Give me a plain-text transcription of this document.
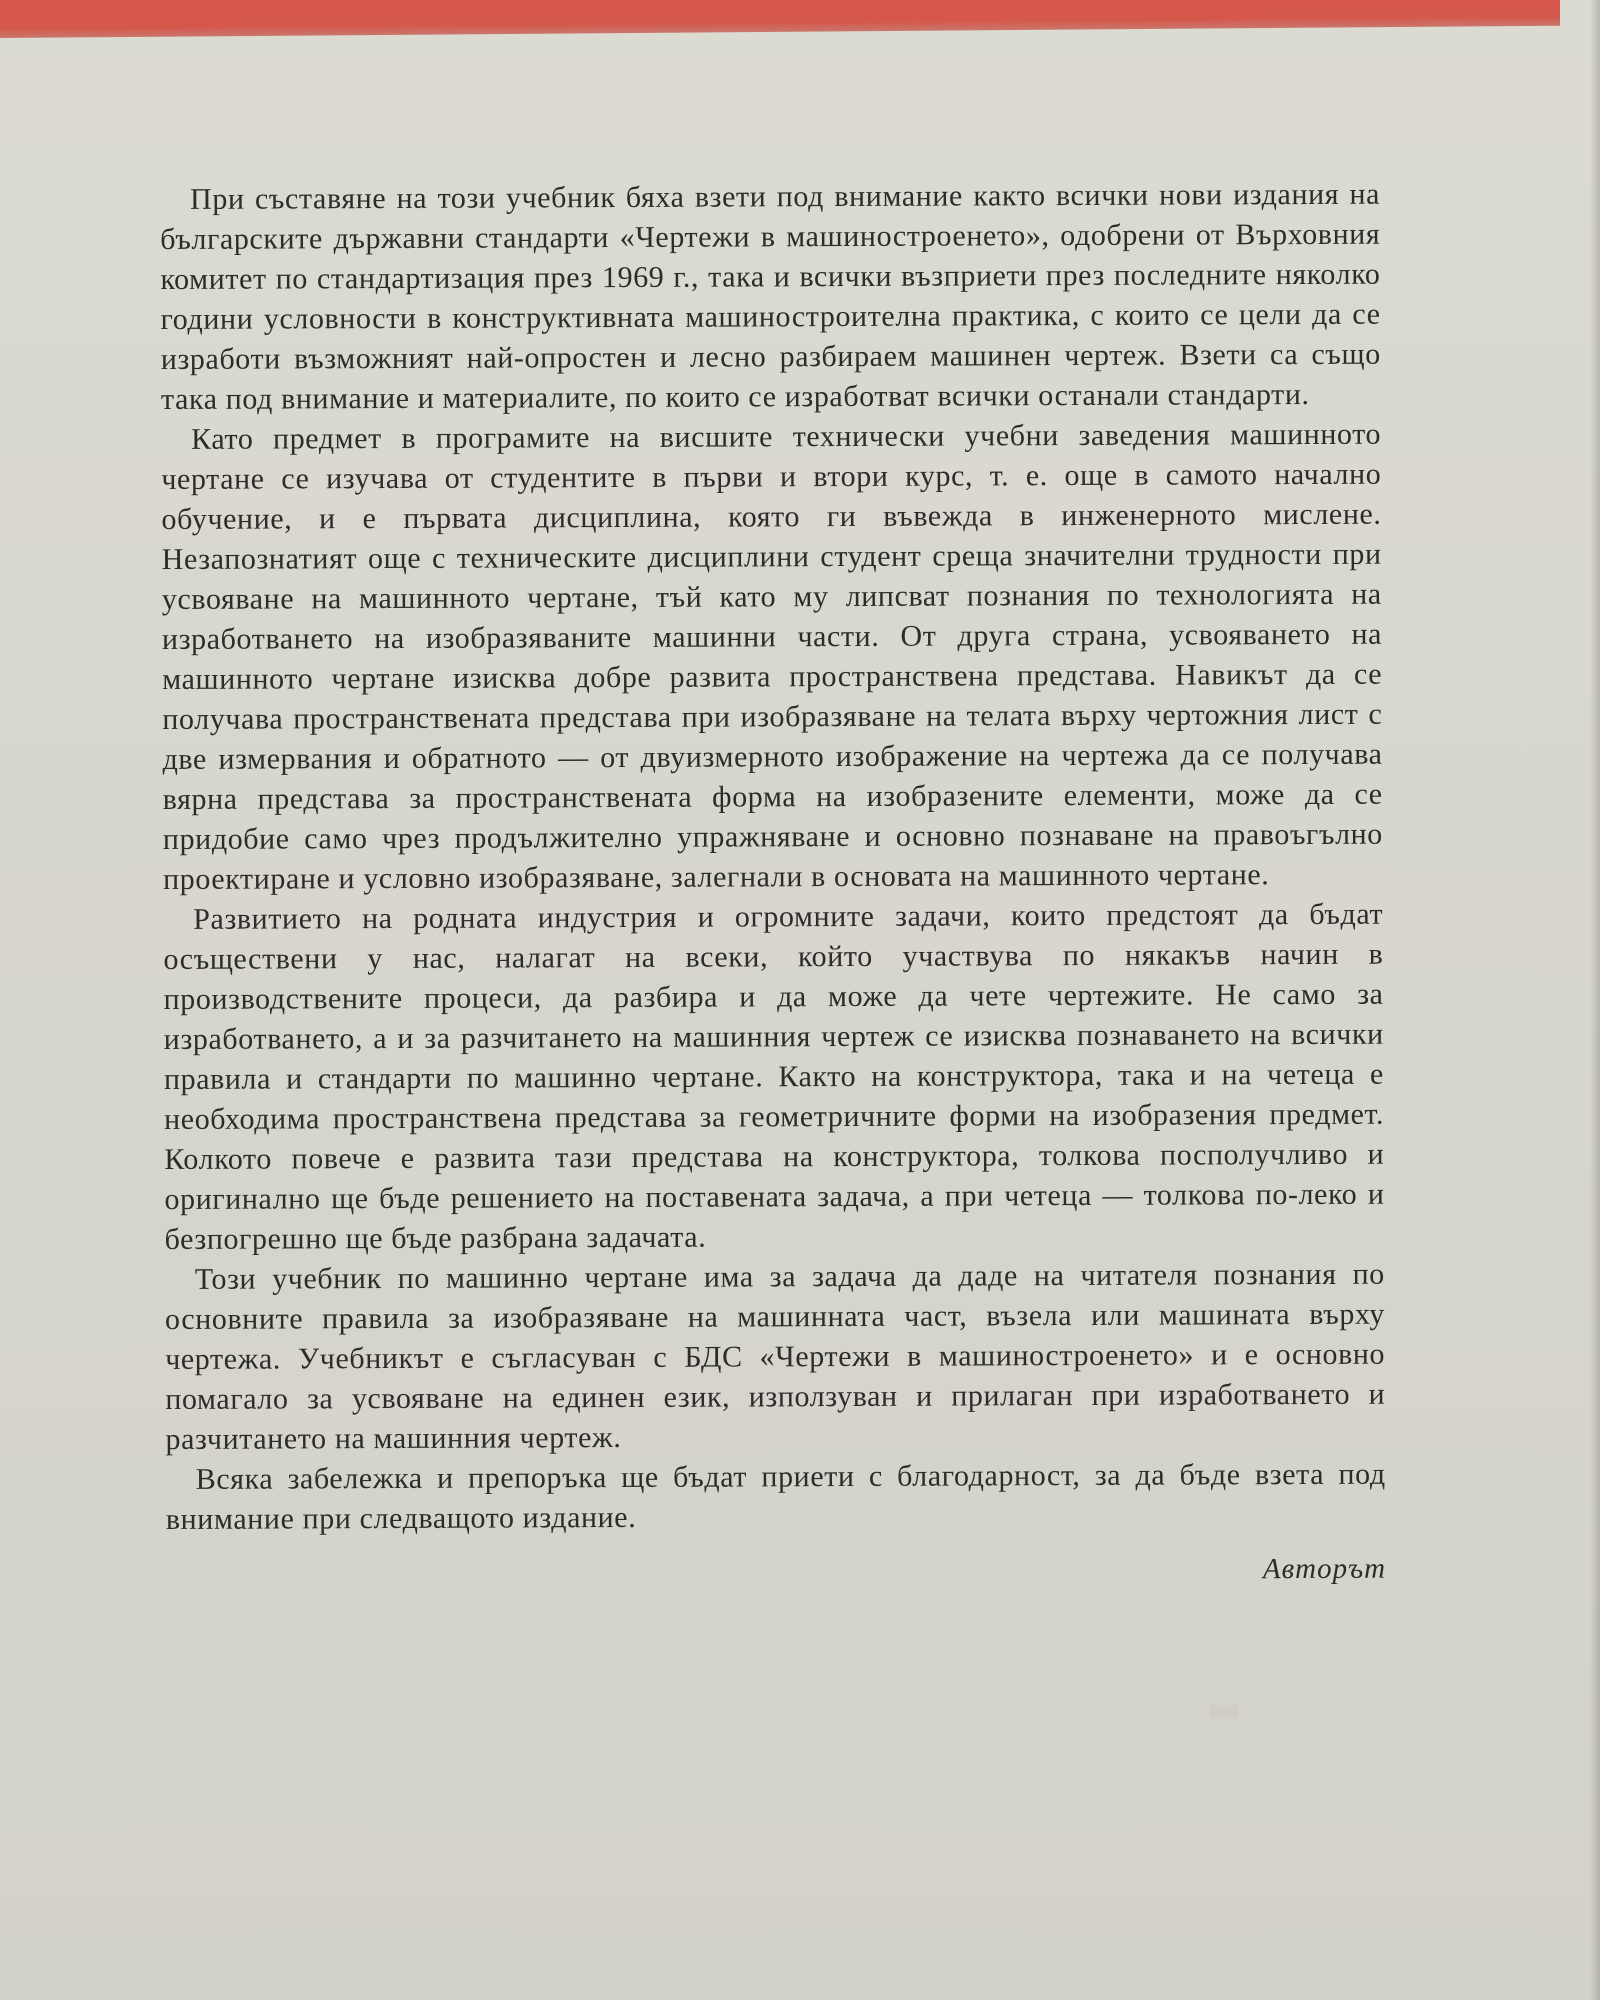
При съставяне на този учебник бяха взети под внимание както всички нови издания на българските държавни стандарти «Чертежи в машиностроенето», одобрени от Върховния комитет по стандартизация през 1969 г., така и всички възприети през последните няколко години условности в конструктивната машиностроителна практика, с които се цели да се изработи възможният най-опростен и лесно разбираем машинен чертеж. Взети са също така под внимание и материалите, по които се изработват всички останали стандарти.

Като предмет в програмите на висшите технически учебни заведения машинното чертане се изучава от студентите в първи и втори курс, т. е. още в самото начално обучение, и е първата дисциплина, която ги въвежда в инженерното мислене. Незапознатият още с техническите дисциплини студент среща значителни трудности при усвояване на машинното чертане, тъй като му липсват познания по технологията на изработването на изобразяваните машинни части. От друга страна, усвояването на машинното чертане изисква добре развита пространствена представа. Навикът да се получава пространствената представа при изобразяване на телата върху чертожния лист с две измервания и обратното — от двуизмерното изображение на чертежа да се получава вярна представа за пространствената форма на изобразените елементи, може да се придобие само чрез продължително упражняване и основно познаване на правоъгълно проектиране и условно изобразяване, залегнали в основата на машинното чертане.

Развитието на родната индустрия и огромните задачи, които предстоят да бъдат осъществени у нас, налагат на всеки, който участвува по някакъв начин в производствените процеси, да разбира и да може да чете чертежите. Не само за изработването, а и за разчитането на машинния чертеж се изисква познаването на всички правила и стандарти по машинно чертане. Както на конструктора, така и на четеца е необходима пространствена представа за геометричните форми на изобразения предмет. Колкото повече е развита тази представа на конструктора, толкова посполучливо и оригинално ще бъде решението на поставената задача, а при четеца — толкова по-леко и безпогрешно ще бъде разбрана задачата.

Този учебник по машинно чертане има за задача да даде на читателя познания по основните правила за изобразяване на машинната част, възела или машината върху чертежа. Учебникът е съгласуван с БДС «Чертежи в машиностроенето» и е основно помагало за усвояване на единен език, използуван и прилаган при изработването и разчитането на машинния чертеж.

Всяка забележка и препоръка ще бъдат приети с благодарност, за да бъде взета под внимание при следващото издание.

Авторът
